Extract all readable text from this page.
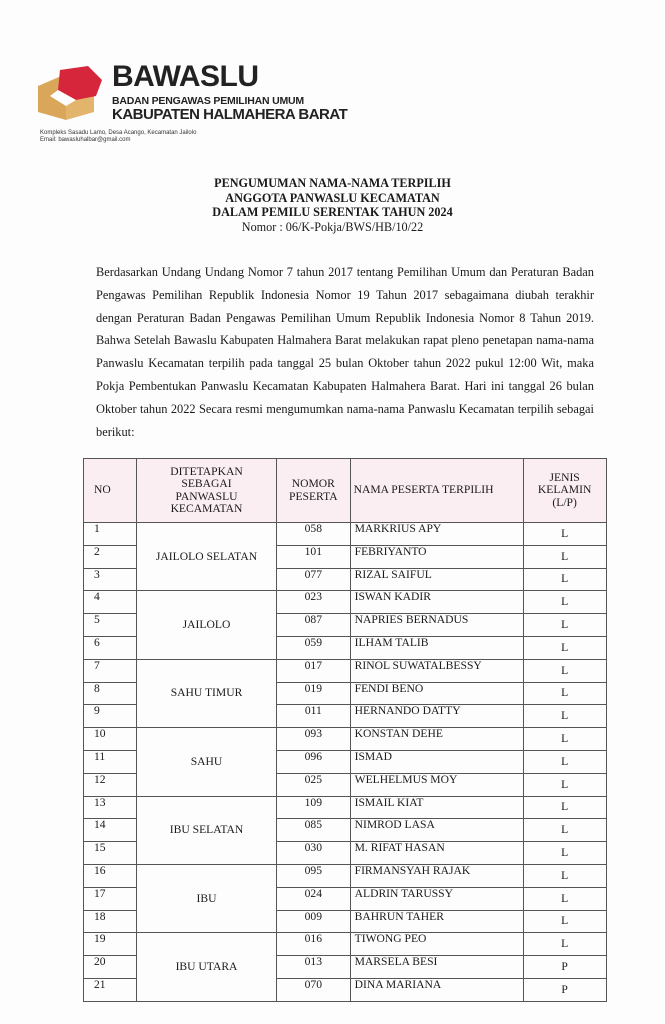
BAWASLU
BADAN PENGAWAS PEMILIHAN UMUM
KABUPATEN HALMAHERA BARAT
Kompleks Sasadu Lamo, Desa Acango, Kecamatan Jailolo
Email: bawasluhalbar@gmail.com
PENGUMUMAN NAMA-NAMA TERPILIH
ANGGOTA PANWASLU KECAMATAN
DALAM PEMILU SERENTAK TAHUN 2024
Nomor : 06/K-Pokja/BWS/HB/10/22
Berdasarkan Undang Undang Nomor 7 tahun 2017 tentang Pemilihan Umum dan Peraturan Badan Pengawas Pemilihan Republik Indonesia Nomor 19 Tahun 2017 sebagaimana diubah terakhir dengan Peraturan Badan Pengawas Pemilihan Umum Republik Indonesia Nomor 8 Tahun 2019. Bahwa Setelah Bawaslu Kabupaten Halmahera Barat melakukan rapat pleno penetapan nama-nama Panwaslu Kecamatan terpilih pada tanggal 25 bulan Oktober tahun 2022 pukul 12:00 Wit, maka Pokja Pembentukan Panwaslu Kecamatan Kabupaten Halmahera Barat. Hari ini tanggal 26 bulan Oktober tahun 2022 Secara resmi mengumumkan nama-nama Panwaslu Kecamatan terpilih sebagai berikut:
NO	DITETAPKAN SEBAGAI PANWASLU KECAMATAN	NOMOR PESERTA	NAMA PESERTA TERPILIH	JENIS KELAMIN (L/P)
1	JAILOLO SELATAN	058	MARKRIUS APY	L
2		101	FEBRIYANTO	L
3		077	RIZAL SAIFUL	L
4	JAILOLO	023	ISWAN KADIR	L
5		087	NAPRIES BERNADUS	L
6		059	ILHAM TALIB	L
7	SAHU TIMUR	017	RINOL SUWATALBESSY	L
8		019	FENDI BENO	L
9		011	HERNANDO DATTY	L
10	SAHU	093	KONSTAN DEHE	L
11		096	ISMAD	L
12		025	WELHELMUS MOY	L
13	IBU SELATAN	109	ISMAIL KIAT	L
14		085	NIMROD LASA	L
15		030	M. RIFAT HASAN	L
16	IBU	095	FIRMANSYAH RAJAK	L
17		024	ALDRIN TARUSSY	L
18		009	BAHRUN TAHER	L
19	IBU UTARA	016	TIWONG PEO	L
20		013	MARSELA BESI	P
21		070	DINA MARIANA	P
